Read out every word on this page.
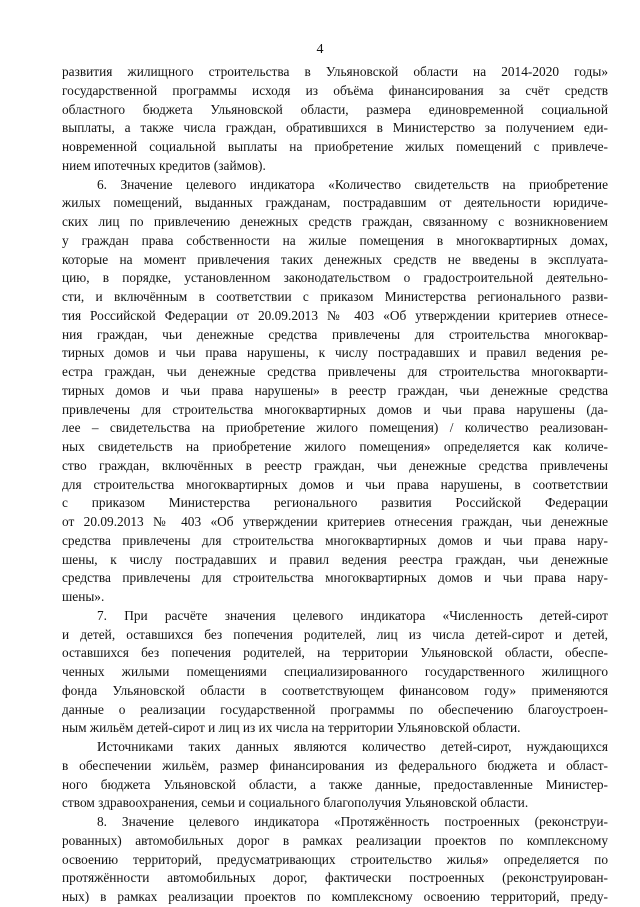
4
развития жилищного строительства в Ульяновской области на 2014-2020 годы»
государственной программы исходя из объёма финансирования за счёт средств
областного бюджета Ульяновской области, размера единовременной социальной
выплаты, а также числа граждан, обратившихся в Министерство за получением еди-
новременной социальной выплаты на приобретение жилых помещений с привлече-
нием ипотечных кредитов (займов).
6. Значение целевого индикатора «Количество свидетельств на приобретение
жилых помещений, выданных гражданам, пострадавшим от деятельности юридиче-
ских лиц по привлечению денежных средств граждан, связанному с возникновением
у граждан права собственности на жилые помещения в многоквартирных домах,
которые на момент привлечения таких денежных средств не введены в эксплуата-
цию, в порядке, установленном законодательством о градостроительной деятельно-
сти, и включённым в соответствии с приказом Министерства регионального разви-
тия Российской Федерации от 20.09.2013 № 403 «Об утверждении критериев отнесе-
ния граждан, чьи денежные средства привлечены для строительства многоквар-
тирных домов и чьи права нарушены, к числу пострадавших и правил ведения ре-
естра граждан, чьи денежные средства привлечены для строительства многокварти-
тирных домов и чьи права нарушены» в реестр граждан, чьи денежные средства
привлечены для строительства многоквартирных домов и чьи права нарушены (да-
лее – свидетельства на приобретение жилого помещения) / количество реализован-
ных свидетельств на приобретение жилого помещения» определяется как количе-
ство граждан, включённых в реестр граждан, чьи денежные средства привлечены
для строительства многоквартирных домов и чьи права нарушены, в соответствии
с приказом Министерства регионального развития Российской Федерации
от 20.09.2013 № 403 «Об утверждении критериев отнесения граждан, чьи денежные
средства привлечены для строительства многоквартирных домов и чьи права нару-
шены, к числу пострадавших и правил ведения реестра граждан, чьи денежные
средства привлечены для строительства многоквартирных домов и чьи права нару-
шены».
7. При расчёте значения целевого индикатора «Численность детей-сирот
и детей, оставшихся без попечения родителей, лиц из числа детей-сирот и детей,
оставшихся без попечения родителей, на территории Ульяновской области, обеспе-
ченных жилыми помещениями специализированного государственного жилищного
фонда Ульяновской области в соответствующем финансовом году» применяются
данные о реализации государственной программы по обеспечению благоустроен-
ным жильём детей-сирот и лиц из их числа на территории Ульяновской области.
Источниками таких данных являются количество детей-сирот, нуждающихся
в обеспечении жильём, размер финансирования из федерального бюджета и област-
ного бюджета Ульяновской области, а также данные, предоставленные Министер-
ством здравоохранения, семьи и социального благополучия Ульяновской области.
8. Значение целевого индикатора «Протяжённость построенных (реконструи-
рованных) автомобильных дорог в рамках реализации проектов по комплексному
освоению территорий, предусматривающих строительство жилья» определяется по
протяжённости автомобильных дорог, фактически построенных (реконструирован-
ных) в рамках реализации проектов по комплексному освоению территорий, преду-
